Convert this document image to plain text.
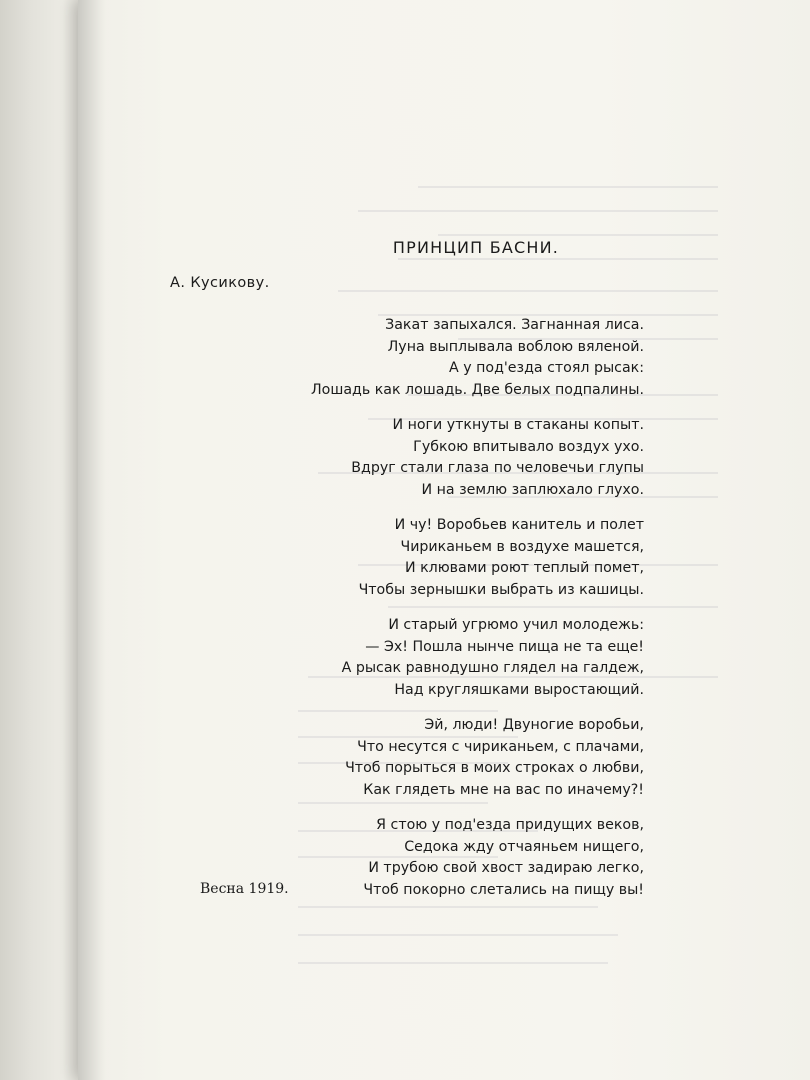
ПРИНЦИП БАСНИ.
А. Кусикову.
Закат запыхался. Загнанная лиса.
Луна выплывала воблою вяленой.
А у под'езда стоял рысак:
Лошадь как лошадь. Две белых подпалины.
И ноги уткнуты в стаканы копыт.
Губкою впитывало воздух ухо.
Вдруг стали глаза по человечьи глупы
И на землю заплюхало глухо.
И чу! Воробьев канитель и полет
Чириканьем в воздухе машется,
И клювами роют теплый помет,
Чтобы зернышки выбрать из кашицы.
И старый угрюмо учил молодежь:
— Эх! Пошла нынче пища не та еще!
А рысак равнодушно глядел на галдеж,
Над кругляшками выростающий.
Эй, люди! Двуногие воробьи,
Что несутся с чириканьем, с плачами,
Чтоб порыться в моих строках о любви,
Как глядеть мне на вас по иначему?!
Я стою у под'езда придущих веков,
Седока жду отчаяньем нищего,
И трубою свой хвост задираю легко,
Чтоб покорно слетались на пищу вы!
Весна 1919.
